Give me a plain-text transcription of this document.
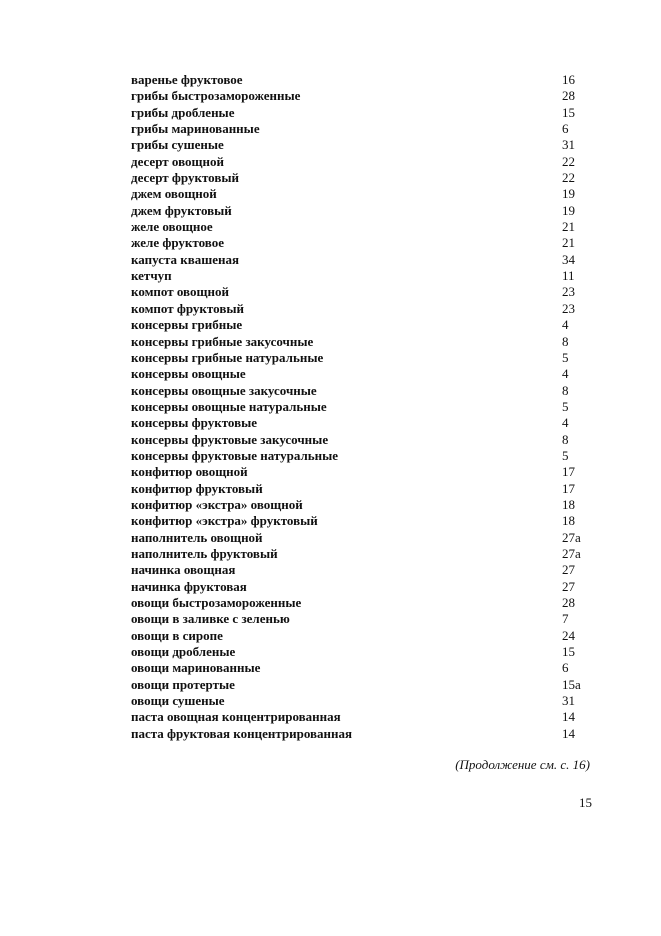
варенье фруктовое	16
грибы быстрозамороженные	28
грибы дробленые	15
грибы маринованные	6
грибы сушеные	31
десерт овощной	22
десерт фруктовый	22
джем овощной	19
джем фруктовый	19
желе овощное	21
желе фруктовое	21
капуста квашеная	34
кетчуп	11
компот овощной	23
компот фруктовый	23
консервы грибные	4
консервы грибные закусочные	8
консервы грибные натуральные	5
консервы овощные	4
консервы овощные закусочные	8
консервы овощные натуральные	5
консервы фруктовые	4
консервы фруктовые закусочные	8
консервы фруктовые натуральные	5
конфитюр овощной	17
конфитюр фруктовый	17
конфитюр «экстра» овощной	18
конфитюр «экстра» фруктовый	18
наполнитель овощной	27а
наполнитель фруктовый	27а
начинка овощная	27
начинка фруктовая	27
овощи быстрозамороженные	28
овощи в заливке с зеленью	7
овощи в сиропе	24
овощи дробленые	15
овощи маринованные	6
овощи протертые	15а
овощи сушеные	31
паста овощная концентрированная	14
паста фруктовая концентрированная	14
(Продолжение см. с. 16)
15
